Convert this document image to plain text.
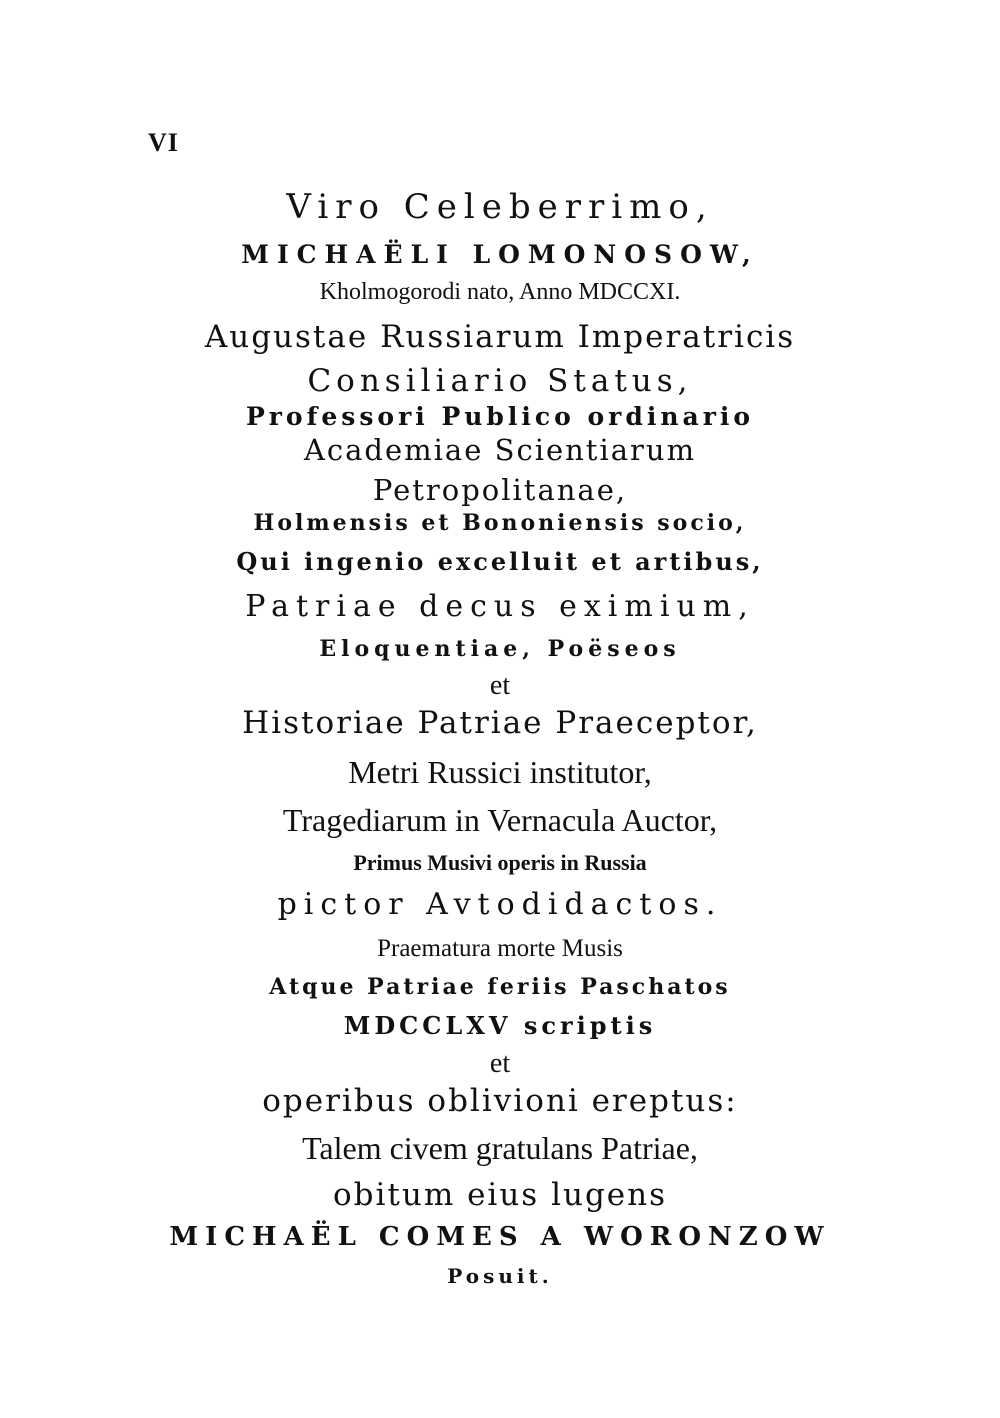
VI
Viro Celeberrimo,
MICHAËLI LOMONOSOW,
Kholmogorodi nato, Anno MDCCXI.
Augustae Russiarum Imperatricis
Consiliario Status,
Professori Publico ordinario
Academiae Scientiarum
Petropolitanae,
Holmensis et Bononiensis socio,
Qui ingenio excelluit et artibus,
Patriae decus eximium,
Eloquentiae, Poëseos
et
Historiae Patriae Praeceptor,
Metri Russici institutor,
Tragediarum in Vernacula Auctor,
Primus Musivi operis in Russia
pictor Avtodidactos.
Praematura morte Musis
Atque Patriae feriis Paschatos
MDCCLXV scriptis
et
operibus oblivioni ereptus:
Talem civem gratulans Patriae,
obitum eius lugens
MICHAËL COMES A WORONZOW
Posuit.
